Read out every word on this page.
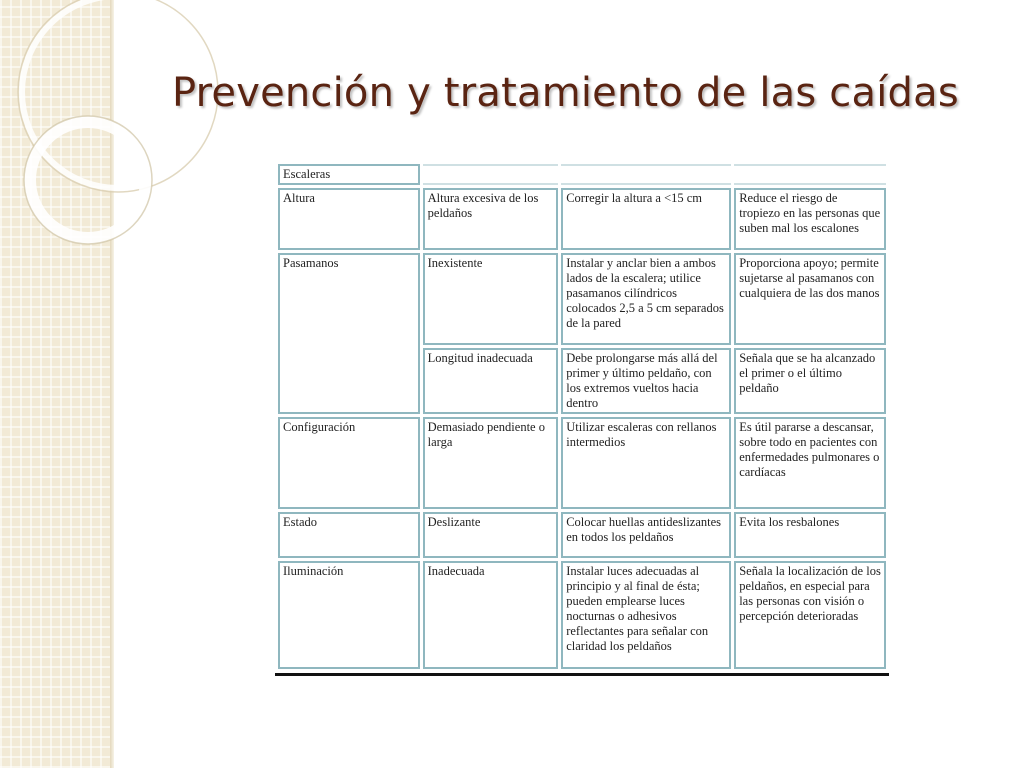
Prevención y tratamiento de las caídas
Escaleras			
Altura	Altura excesiva de los peldaños	Corregir la altura a <15 cm	Reduce el riesgo de tropiezo en las personas que suben mal los escalones
Pasamanos	Inexistente	Instalar y anclar bien a ambos lados de la escalera; utilice pasamanos cilíndricos colocados 2,5 a 5 cm separados de la pared	Proporciona apoyo; permite sujetarse al pasamanos con cualquiera de las dos manos
	Longitud inadecuada	Debe prolongarse más allá del primer y último peldaño, con los extremos vueltos hacia dentro	Señala que se ha alcanzado el primer o el último peldaño
Configuración	Demasiado pendiente o larga	Utilizar escaleras con rellanos intermedios	Es útil pararse a descansar, sobre todo en pacientes con enfermedades pulmonares o cardíacas
Estado	Deslizante	Colocar huellas antideslizantes en todos los peldaños	Evita los resbalones
Iluminación	Inadecuada	Instalar luces adecuadas al principio y al final de ésta; pueden emplearse luces nocturnas o adhesivos reflectantes para señalar con claridad los peldaños	Señala la localización de los peldaños, en especial para las personas con visión o percepción deterioradas
